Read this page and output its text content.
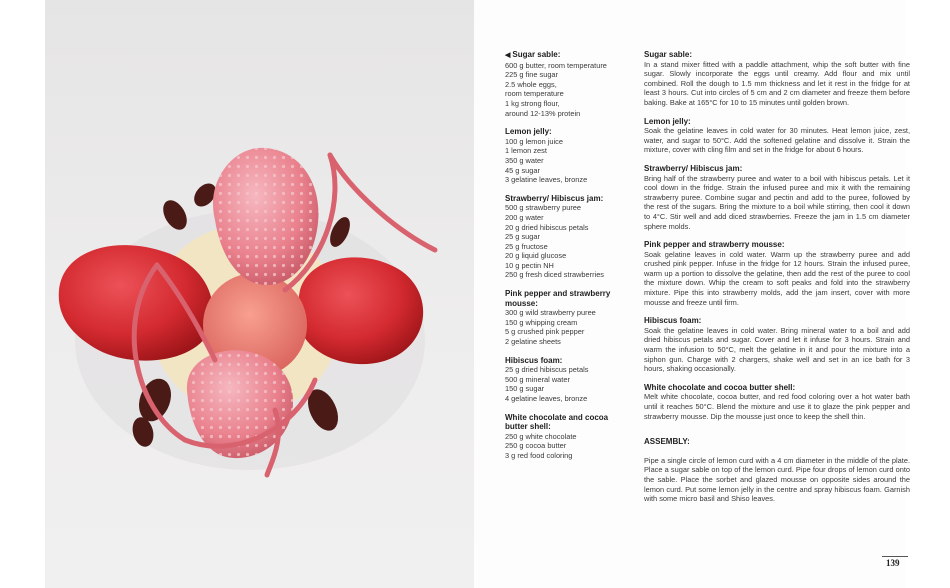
◀ Sugar sable:
600 g butter, room temperature
225 g fine sugar
2.5 whole eggs,
room temperature
1 kg strong flour,
around 12-13% protein
Lemon jelly:
100 g lemon juice
1 lemon zest
350 g water
45 g sugar
3 gelatine leaves, bronze
Strawberry/ Hibiscus jam:
500 g strawberry puree
200 g water
20 g dried hibiscus petals
25 g sugar
25 g fructose
20 g liquid glucose
10 g pectin NH
250 g fresh diced strawberries
Pink pepper and strawberry mousse:
300 g wild strawberry puree
150 g whipping cream
5 g crushed pink pepper
2 gelatine sheets
Hibiscus foam:
25 g dried hibiscus petals
500 g mineral water
150 g sugar
4 gelatine leaves, bronze
White chocolate and cocoa butter shell:
250 g white chocolate
250 g cocoa butter
3 g red food coloring
Sugar sable:
In a stand mixer fitted with a paddle attachment, whip the soft butter with fine sugar. Slowly incorporate the eggs until creamy. Add flour and mix until combined. Roll the dough to 1.5 mm thickness and let it rest in the fridge for at least 3 hours. Cut into circles of 5 cm and 2 cm diameter and freeze them before baking. Bake at 165°C for 10 to 15 minutes until golden brown.
Lemon jelly:
Soak the gelatine leaves in cold water for 30 minutes. Heat lemon juice, zest, water, and sugar to 50°C. Add the softened gelatine and dissolve it. Strain the mixture, cover with cling film and set in the fridge for about 6 hours.
Strawberry/ Hibiscus jam:
Bring half of the strawberry puree and water to a boil with hibiscus petals. Let it cool down in the fridge. Strain the infused puree and mix it with the remaining strawberry puree. Combine sugar and pectin and add to the puree, followed by the rest of the sugars. Bring the mixture to a boil while stirring, then cool it down to 4°C. Stir well and add diced strawberries. Freeze the jam in 1.5 cm diameter sphere molds.
Pink pepper and strawberry mousse:
Soak gelatine leaves in cold water. Warm up the strawberry puree and add crushed pink pepper. Infuse in the fridge for 12 hours. Strain the infused puree, warm up a portion to dissolve the gelatine, then add the rest of the puree to cool the mixture down. Whip the cream to soft peaks and fold into the strawberry mixture. Pipe this into strawberry molds, add the jam insert, cover with more mousse and freeze until firm.
Hibiscus foam:
Soak the gelatine leaves in cold water. Bring mineral water to a boil and add dried hibiscus petals and sugar. Cover and let it infuse for 3 hours. Strain and warm the infusion to 50°C, melt the gelatine in it and pour the mixture into a siphon gun. Charge with 2 chargers, shake well and set in an ice bath for 3 hours, shaking occasionally.
White chocolate and cocoa butter shell:
Melt white chocolate, cocoa butter, and red food coloring over a hot water bath until it reaches 50°C. Blend the mixture and use it to glaze the pink pepper and strawberry mousse. Dip the mousse just once to keep the shell thin.
ASSEMBLY:
Pipe a single circle of lemon curd with a 4 cm diameter in the middle of the plate. Place a sugar sable on top of the lemon curd. Pipe four drops of lemon curd onto the sable. Place the sorbet and glazed mousse on opposite sides around the lemon curd. Put some lemon jelly in the centre and spray hibiscus foam. Garnish with some micro basil and Shiso leaves.
139
